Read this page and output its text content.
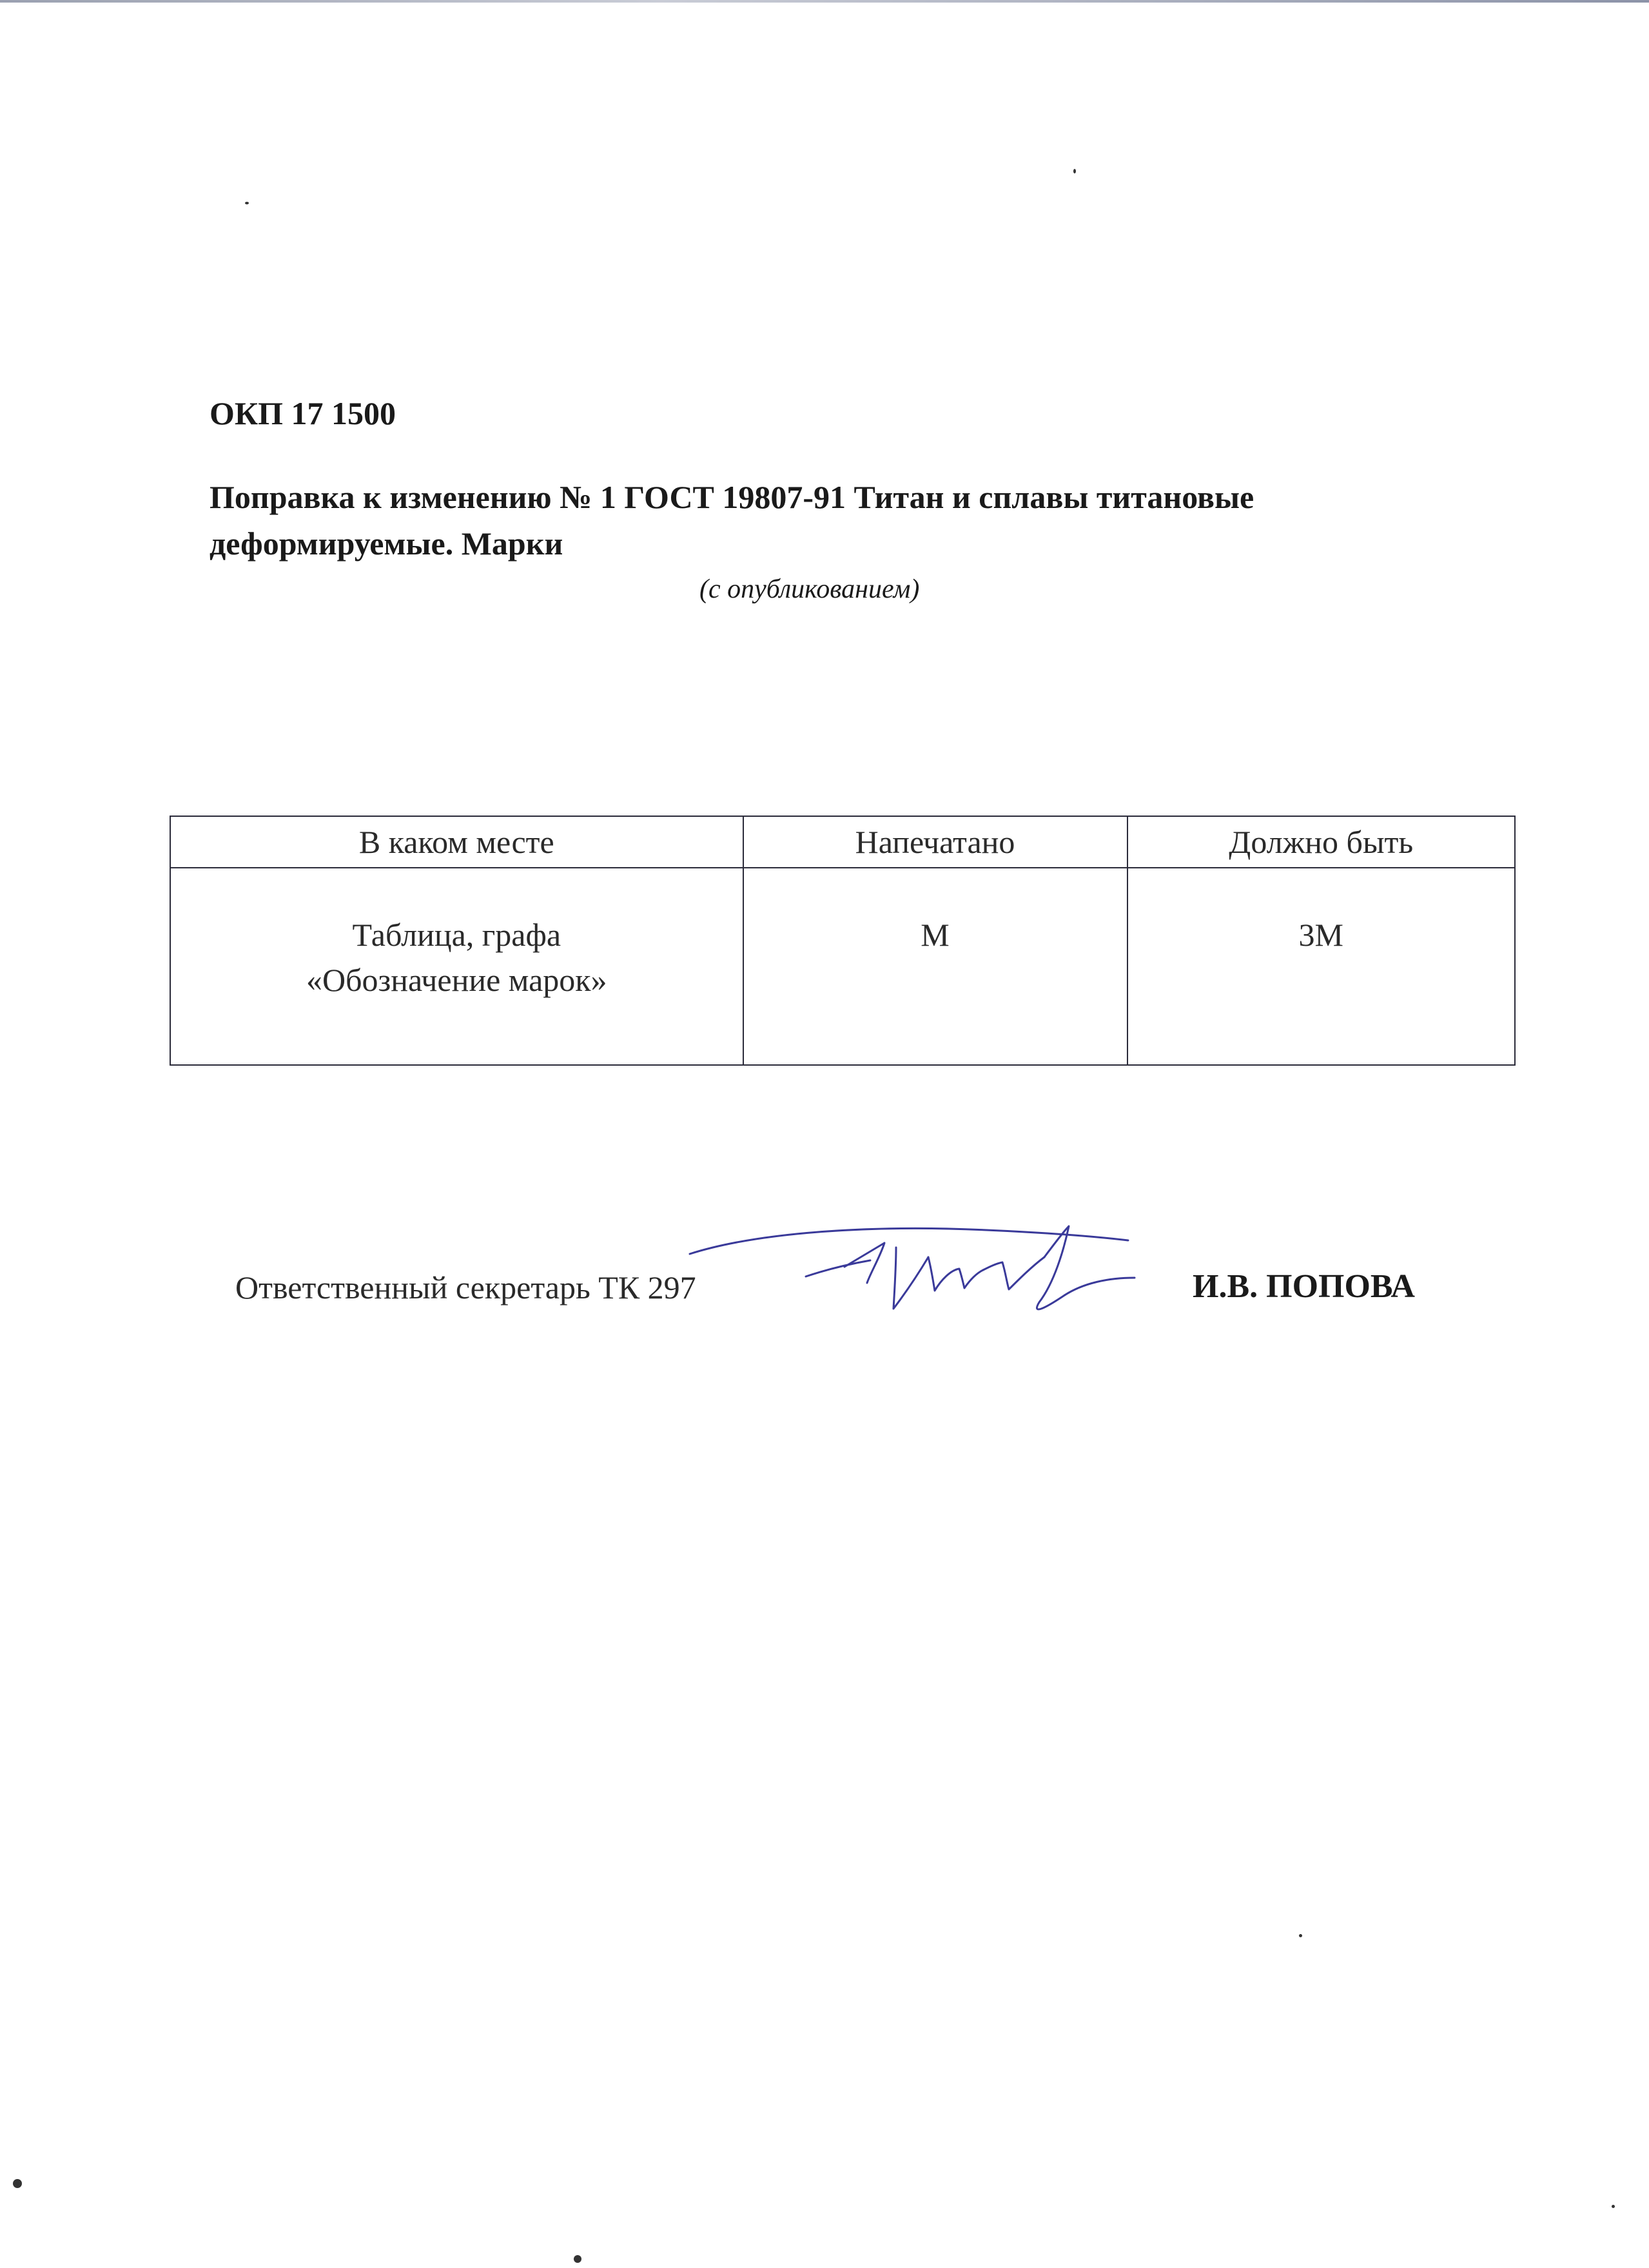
ОКП 17 1500
Поправка к изменению № 1 ГОСТ 19807-91 Титан и сплавы титановые
деформируемые. Марки
(с опубликованием)
В каком месте	Напечатано	Должно быть

Таблица, графа
«Обозначение марок»	М	3М
Ответственный секретарь ТК 297	И.В. ПОПОВА
